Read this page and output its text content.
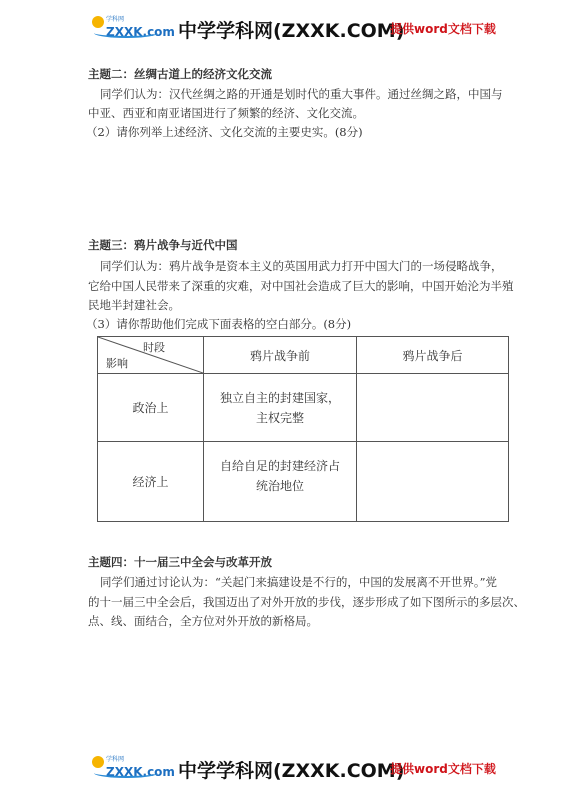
学科网
ZXXK.com 中学学科网(ZXXK.COM)
提供word文档下载
主题二：丝绸古道上的经济文化交流
同学们认为：汉代丝绸之路的开通是划时代的重大事件。通过丝绸之路，中国与
中亚、西亚和南亚诸国进行了频繁的经济、文化交流。
（2）请你列举上述经济、文化交流的主要史实。(8分)
主题三：鸦片战争与近代中国
同学们认为：鸦片战争是资本主义的英国用武力打开中国大门的一场侵略战争，
它给中国人民带来了深重的灾难，对中国社会造成了巨大的影响，中国开始沦为半殖
民地半封建社会。
（3）请你帮助他们完成下面表格的空白部分。(8分)
时段
影响	鸦片战争前	鸦片战争后
政治上	独立自主的封建国家，
主权完整	

经济上	自给自足的封建经济占
统治地位	

主题四：十一届三中全会与改革开放
同学们通过讨论认为：“关起门来搞建设是不行的，中国的发展离不开世界。”党
的十一届三中全会后，我国迈出了对外开放的步伐，逐步形成了如下图所示的多层次、
点、线、面结合，全方位对外开放的新格局。
学科网
ZXXK.com 中学学科网(ZXXK.COM)
提供word文档下载
